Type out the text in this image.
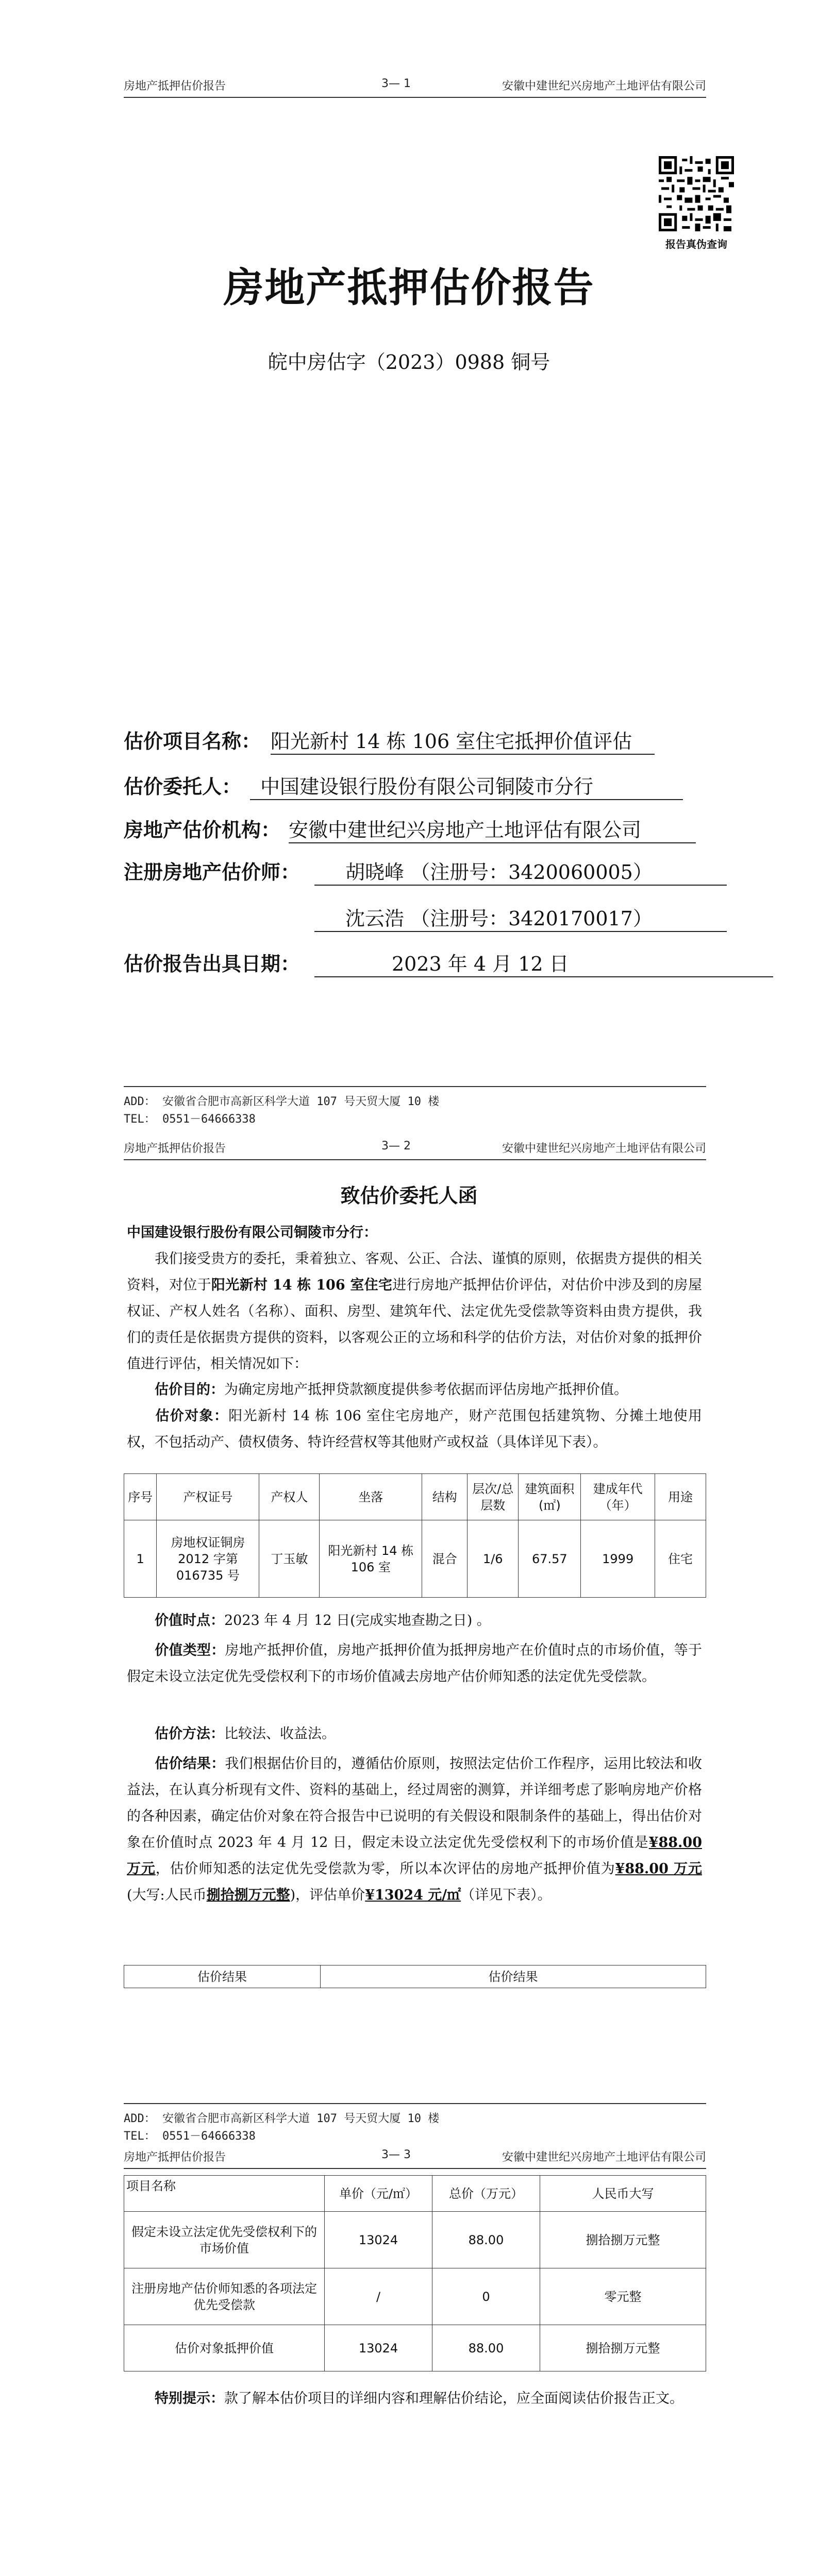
房地产抵押估价报告	3— 1	安徽中建世纪兴房地产土地评估有限公司
报告真伪查询
房地产抵押估价报告
皖中房估字（2023）0988 铜号
估价项目名称： 阳光新村 14 栋 106 室住宅抵押价值评估
估价委托人： 中国建设银行股份有限公司铜陵市分行
房地产估价机构： 安徽中建世纪兴房地产土地评估有限公司
注册房地产估价师：	胡晓峰 （注册号：3420060005）
沈云浩 （注册号：3420170017）
估价报告出具日期：	2023 年 4 月 12 日
ADD： 安徽省合肥市高新区科学大道 107 号天贸大厦 10 楼
TEL： 0551－64666338
房地产抵押估价报告	3— 2	安徽中建世纪兴房地产土地评估有限公司
致估价委托人函
中国建设银行股份有限公司铜陵市分行：
我们接受贵方的委托，秉着独立、客观、公正、合法、谨慎的原则，依据贵方提供的相关资料，对位于阳光新村 14 栋 106 室住宅进行房地产抵押估价评估，对估价中涉及到的房屋权证、产权人姓名（名称）、面积、房型、建筑年代、法定优先受偿款等资料由贵方提供，我们的责任是依据贵方提供的资料，以客观公正的立场和科学的估价方法，对估价对象的抵押价值进行评估，相关情况如下：
估价目的：为确定房地产抵押贷款额度提供参考依据而评估房地产抵押价值。
估价对象：阳光新村 14 栋 106 室住宅房地产，财产范围包括建筑物、分摊土地使用权，不包括动产、债权债务、特许经营权等其他财产或权益（具体详见下表）。
序号	产权证号	产权人	坐落	结构	层次/总层数	建筑面积(㎡)	建成年代（年）	用途
1	房地权证铜房2012 字第016735 号	丁玉敏	阳光新村 14 栋 106 室	混合	1/6	67.57	1999	住宅
价值时点：2023 年 4 月 12 日(完成实地查勘之日) 。
价值类型：房地产抵押价值，房地产抵押价值为抵押房地产在价值时点的市场价值，等于假定未设立法定优先受偿权利下的市场价值减去房地产估价师知悉的法定优先受偿款。
估价方法：比较法、收益法。
估价结果：我们根据估价目的，遵循估价原则，按照法定估价工作程序，运用比较法和收益法，在认真分析现有文件、资料的基础上，经过周密的测算，并详细考虑了影响房地产价格的各种因素，确定估价对象在符合报告中已说明的有关假设和限制条件的基础上，得出估价对象在价值时点 2023 年 4 月 12 日，假定未设立法定优先受偿权利下的市场价值是¥88.00 万元，估价师知悉的法定优先受偿款为零，所以本次评估的房地产抵押价值为¥88.00 万元(大写:人民币捌拾捌万元整)，评估单价¥13024 元/㎡（详见下表）。
估价结果	估价结果
ADD： 安徽省合肥市高新区科学大道 107 号天贸大厦 10 楼
TEL： 0551－64666338
房地产抵押估价报告	3— 3	安徽中建世纪兴房地产土地评估有限公司
项目名称	单价（元/㎡）	总价（万元）	人民币大写
假定未设立法定优先受偿权利下的市场价值	13024	88.00	捌拾捌万元整
注册房地产估价师知悉的各项法定优先受偿款	/	0	零元整
估价对象抵押价值	13024	88.00	捌拾捌万元整
特别提示：款了解本估价项目的详细内容和理解估价结论，应全面阅读估价报告正文。
